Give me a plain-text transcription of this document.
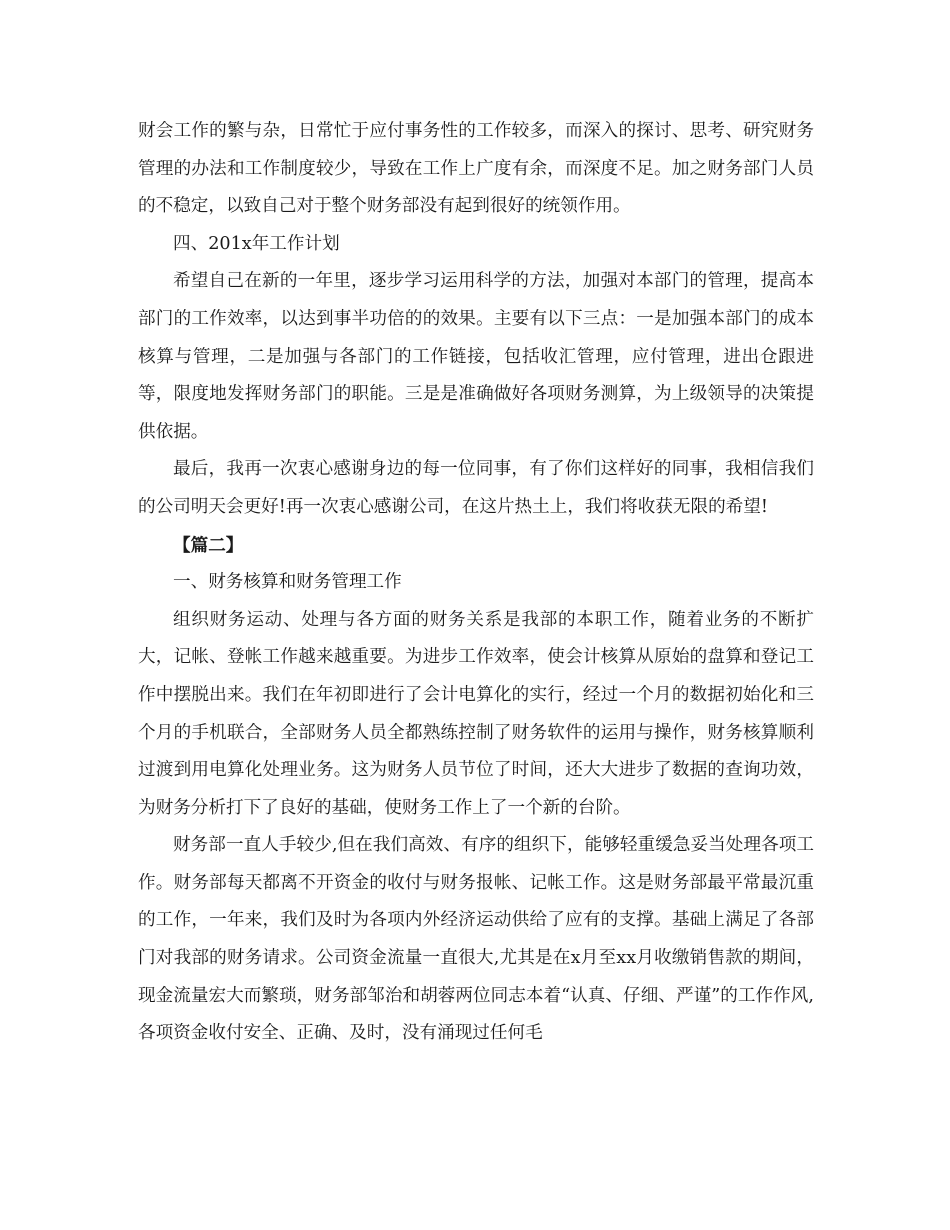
财会工作的繁与杂，日常忙于应付事务性的工作较多，而深入的探讨、思考、研究财务管理的办法和工作制度较少，导致在工作上广度有余，而深度不足。加之财务部门人员的不稳定，以致自己对于整个财务部没有起到很好的统领作用。

四、201x年工作计划

希望自己在新的一年里，逐步学习运用科学的方法，加强对本部门的管理，提高本部门的工作效率，以达到事半功倍的的效果。主要有以下三点：一是加强本部门的成本核算与管理，二是加强与各部门的工作链接，包括收汇管理，应付管理，进出仓跟进等，限度地发挥财务部门的职能。三是是准确做好各项财务测算，为上级领导的决策提供依据。

最后，我再一次衷心感谢身边的每一位同事，有了你们这样好的同事，我相信我们的公司明天会更好!再一次衷心感谢公司，在这片热土上，我们将收获无限的希望!

【篇二】

一、财务核算和财务管理工作

组织财务运动、处理与各方面的财务关系是我部的本职工作，随着业务的不断扩大，记帐、登帐工作越来越重要。为进步工作效率，使会计核算从原始的盘算和登记工作中摆脱出来。我们在年初即进行了会计电算化的实行，经过一个月的数据初始化和三个月的手机联合，全部财务人员全都熟练控制了财务软件的运用与操作，财务核算顺利过渡到用电算化处理业务。这为财务人员节位了时间，还大大进步了数据的查询功效，为财务分析打下了良好的基础，使财务工作上了一个新的台阶。

财务部一直人手较少,但在我们高效、有序的组织下，能够轻重缓急妥当处理各项工作。财务部每天都离不开资金的收付与财务报帐、记帐工作。这是财务部最平常最沉重的工作，一年来，我们及时为各项内外经济运动供给了应有的支撑。基础上满足了各部门对我部的财务请求。公司资金流量一直很大,尤其是在x月至xx月收缴销售款的期间，现金流量宏大而繁琐，财务部邹治和胡蓉两位同志本着“认真、仔细、严谨”的工作作风,各项资金收付安全、正确、及时，没有涌现过任何毛
